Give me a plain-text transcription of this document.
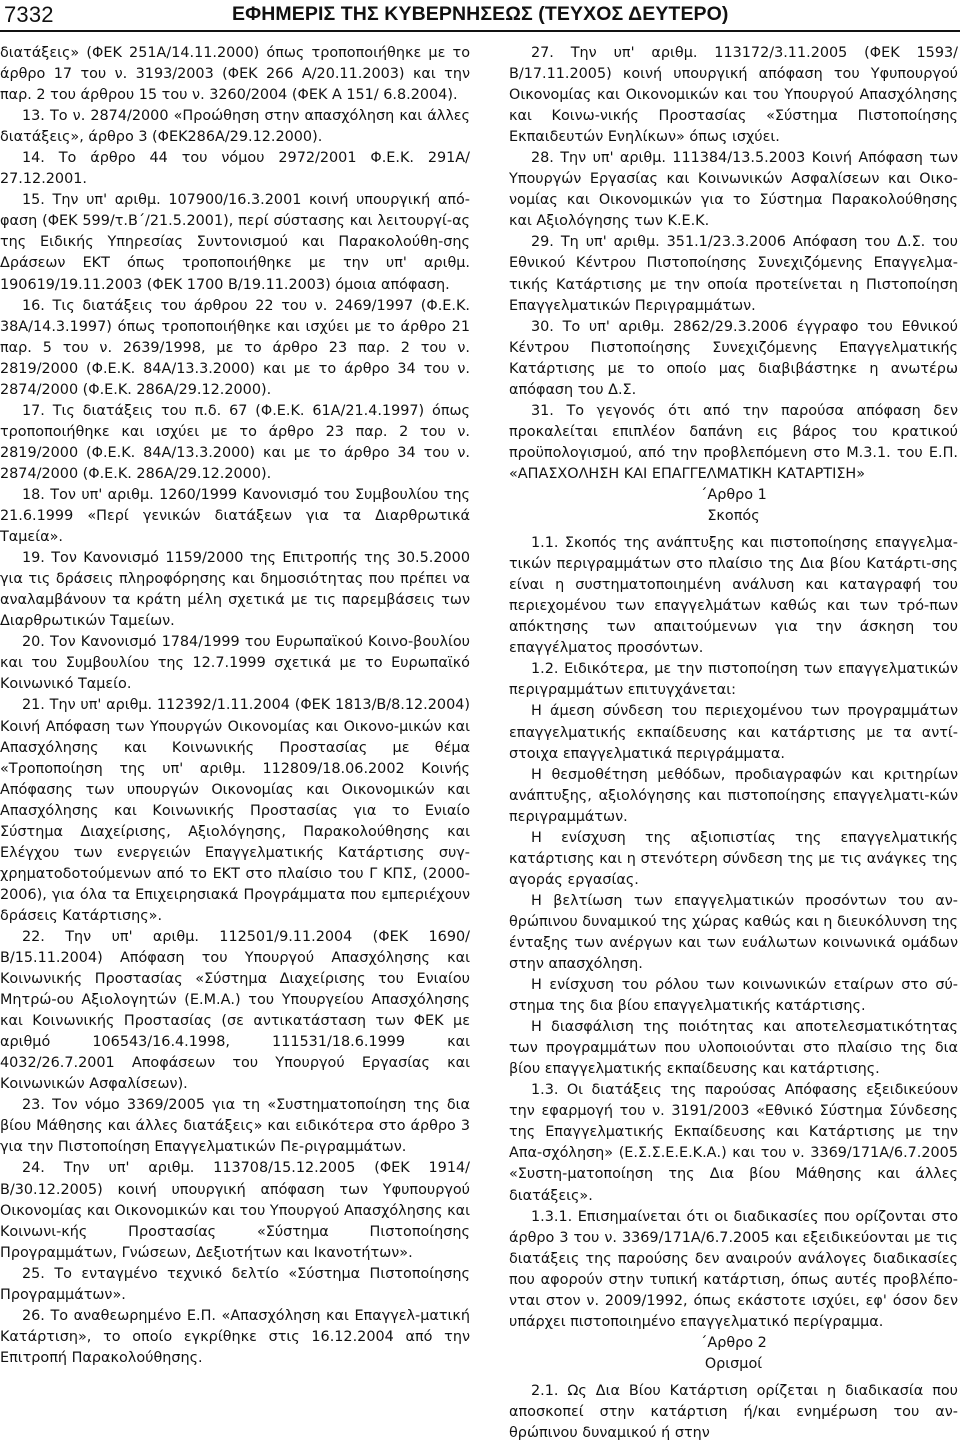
7332	ΕΦΗΜΕΡΙΣ ΤΗΣ ΚΥΒΕΡΝΗΣΕΩΣ (ΤΕΥΧΟΣ ΔΕΥΤΕΡΟ)

διατάξεις» (ΦΕΚ 251Α/14.11.2000) όπως τροποποιήθηκε με το άρθρο 17 του ν. 3193/2003 (ΦΕΚ 266 Α/20.11.2003) και την παρ. 2 του άρθρου 15 του ν. 3260/2004 (ΦΕΚ Α 151/ 6.8.2004).

13. Το ν. 2874/2000 «Προώθηση στην απασχόληση και άλλες διατάξεις», άρθρο 3 (ΦΕΚ286Α/29.12.2000).

14. Το άρθρο 44 του νόμου 2972/2001 Φ.Ε.Κ. 291Α/ 27.12.2001.

15. Την υπ' αριθμ. 107900/16.3.2001 κοινή υπουργική από-φαση (ΦΕΚ 599/τ.Β΄/21.5.2001), περί σύστασης και λειτουργί-ας της Ειδικής Υπηρεσίας Συντονισμού και Παρακολούθη-σης Δράσεων ΕΚΤ όπως τροποποιήθηκε με την υπ' αριθμ. 190619/19.11.2003 (ΦΕΚ 1700 Β/19.11.2003) όμοια απόφαση.

16. Τις διατάξεις του άρθρου 22 του ν. 2469/1997 (Φ.Ε.Κ. 38Α/14.3.1997) όπως τροποποιήθηκε και ισχύει με το άρθρο 21 παρ. 5 του ν. 2639/1998, με το άρθρο 23 παρ. 2 του ν. 2819/2000 (Φ.Ε.Κ. 84Α/13.3.2000) και με το άρθρο 34 του ν. 2874/2000 (Φ.Ε.Κ. 286Α/29.12.2000).

17. Τις διατάξεις του π.δ. 67 (Φ.Ε.Κ. 61Α/21.4.1997) όπως τροποποιήθηκε και ισχύει με το άρθρο 23 παρ. 2 του ν. 2819/2000 (Φ.Ε.Κ. 84Α/13.3.2000) και με το άρθρο 34 του ν. 2874/2000 (Φ.Ε.Κ. 286Α/29.12.2000).

18. Τον υπ' αριθμ. 1260/1999 Κανονισμό του Συμβουλίου της 21.6.1999 «Περί γενικών διατάξεων για τα Διαρθρωτικά Ταμεία».

19. Τον Κανονισμό 1159/2000 της Επιτροπής της 30.5.2000 για τις δράσεις πληροφόρησης και δημοσιότητας που πρέπει να αναλαμβάνουν τα κράτη μέλη σχετικά με τις παρεμβάσεις των Διαρθρωτικών Ταμείων.

20. Τον Κανονισμό 1784/1999 του Ευρωπαϊκού Κοινο-βουλίου και του Συμβουλίου της 12.7.1999 σχετικά με το Ευρωπαϊκό Κοινωνικό Ταμείο.

21. Την υπ' αριθμ. 112392/1.11.2004 (ΦΕΚ 1813/Β/8.12.2004) Κοινή Απόφαση των Υπουργών Οικονομίας και Οικονο-μικών και Απασχόλησης και Κοινωνικής Προστασίας με θέμα «Τροποποίηση της υπ' αριθμ. 112809/18.06.2002 Κοινής Απόφασης των υπουργών Οικονομίας και Οικονομικών και Απασχόλησης και Κοινωνικής Προστασίας για το Ενιαίο Σύστημα Διαχείρισης, Αξιολόγησης, Παρακολούθησης και Ελέγχου των ενεργειών Επαγγελματικής Κατάρτισης συγ-χρηματοδοτούμενων από το ΕΚΤ στο πλαίσιο του Γ ΚΠΣ, (2000-2006), για όλα τα Επιχειρησιακά Προγράμματα που εμπεριέχουν δράσεις Κατάρτισης».

22. Την υπ' αριθμ. 112501/9.11.2004 (ΦΕΚ 1690/Β/15.11.2004) Απόφαση του Υπουργού Απασχόλησης και Κοινωνικής Προστασίας «Σύστημα Διαχείρισης του Ενιαίου Μητρώ-ου Αξιολογητών (Ε.Μ.Α.) του Υπουργείου Απασχόλησης και Κοινωνικής Προστασίας (σε αντικατάσταση των ΦΕΚ με αριθμό 106543/16.4.1998, 111531/18.6.1999 και 4032/26.7.2001 Αποφάσεων του Υπουργού Εργασίας και Κοινωνικών Ασφαλίσεων).

23. Τον νόμο 3369/2005 για τη «Συστηματοποίηση της δια βίου Μάθησης και άλλες διατάξεις» και ειδικότερα στο άρθρο 3 για την Πιστοποίηση Επαγγελματικών Πε-ριγραμμάτων.

24. Την υπ' αριθμ. 113708/15.12.2005 (ΦΕΚ 1914/Β/30.12.2005) κοινή υπουργική απόφαση των Υφυπουργού Οικονομίας και Οικονομικών και του Υπουργού Απασχόλησης και Κοινωνι-κής Προστασίας «Σύστημα Πιστοποίησης Προγραμμάτων, Γνώσεων, Δεξιοτήτων και Ικανοτήτων».

25. Το ενταγμένο τεχνικό δελτίο «Σύστημα Πιστοποίησης Προγραμμάτων».

26. Το αναθεωρημένο Ε.Π. «Απασχόληση και Επαγγελ-ματική Κατάρτιση», το οποίο εγκρίθηκε στις 16.12.2004 από την Επιτροπή Παρακολούθησης.

27. Την υπ' αριθμ. 113172/3.11.2005 (ΦΕΚ 1593/Β/17.11.2005) κοινή υπουργική απόφαση του Υφυπουργού Οικονομίας και Οικονομικών και του Υπουργού Απασχόλησης και Κοινω-νικής Προστασίας «Σύστημα Πιστοποίησης Εκπαιδευτών Ενηλίκων» όπως ισχύει.

28. Την υπ' αριθμ. 111384/13.5.2003 Κοινή Απόφαση των Υπουργών Εργασίας και Κοινωνικών Ασφαλίσεων και Οικο-νομίας και Οικονομικών για το Σύστημα Παρακολούθησης και Αξιολόγησης των Κ.Ε.Κ.

29. Τη υπ' αριθμ. 351.1/23.3.2006 Απόφαση του Δ.Σ. του Εθνικού Κέντρου Πιστοποίησης Συνεχιζόμενης Επαγγελμα-τικής Κατάρτισης με την οποία προτείνεται η Πιστοποίηση Επαγγελματικών Περιγραμμάτων.

30. Το υπ' αριθμ. 2862/29.3.2006 έγγραφο του Εθνικού Κέντρου Πιστοποίησης Συνεχιζόμενης Επαγγελματικής Κατάρτισης με το οποίο μας διαβιβάστηκε η ανωτέρω απόφαση του Δ.Σ.

31. Το γεγονός ότι από την παρούσα απόφαση δεν προκαλείται επιπλέον δαπάνη εις βάρος του κρατικού προϋπολογισμού, από την προβλεπόμενη στο Μ.3.1. του Ε.Π. «ΑΠΑΣΧΟΛΗΣΗ ΚΑΙ ΕΠΑΓΓΕΛΜΑΤΙΚΗ ΚΑΤΑΡΤΙΣΗ»

΄Αρθρο 1

Σκοπός

1.1. Σκοπός της ανάπτυξης και πιστοποίησης επαγγελμα-τικών περιγραμμάτων στο πλαίσιο της Δια βίου Κατάρτι-σης είναι η συστηματοποιημένη ανάλυση και καταγραφή του περιεχομένου των επαγγελμάτων καθώς και των τρό-πων απόκτησης των απαιτούμενων για την άσκηση του επαγγέλματος προσόντων.

1.2. Ειδικότερα, με την πιστοποίηση των επαγγελματικών περιγραμμάτων επιτυγχάνεται:

Η άμεση σύνδεση του περιεχομένου των προγραμμάτων επαγγελματικής εκπαίδευσης και κατάρτισης με τα αντί-στοιχα επαγγελματικά περιγράμματα.

Η θεσμοθέτηση μεθόδων, προδιαγραφών και κριτηρίων ανάπτυξης, αξιολόγησης και πιστοποίησης επαγγελματι-κών περιγραμμάτων.

Η ενίσχυση της αξιοπιστίας της επαγγελματικής κατάρτισης και η στενότερη σύνδεση της με τις ανάγκες της αγοράς εργασίας.

Η βελτίωση των επαγγελματικών προσόντων του αν-θρώπινου δυναμικού της χώρας καθώς και η διευκόλυνση της ένταξης των ανέργων και των ευάλωτων κοινωνικά ομάδων στην απασχόληση.

Η ενίσχυση του ρόλου των κοινωνικών εταίρων στο σύ-στημα της δια βίου επαγγελματικής κατάρτισης.

Η διασφάλιση της ποιότητας και αποτελεσματικότητας των προγραμμάτων που υλοποιούνται στο πλαίσιο της δια βίου επαγγελματικής εκπαίδευσης και κατάρτισης.

1.3. Οι διατάξεις της παρούσας Απόφασης εξειδικεύουν την εφαρμογή του ν. 3191/2003 «Εθνικό Σύστημα Σύνδεσης της Επαγγελματικής Εκπαίδευσης και Κατάρτισης με την Απα-σχόληση» (Ε.Σ.Σ.Ε.Ε.Κ.Α.) και του ν. 3369/171Α/6.7.2005 «Συστη-ματοποίηση της Δια βίου Μάθησης και άλλες διατάξεις».

1.3.1. Επισημαίνεται ότι οι διαδικασίες που ορίζονται στο άρθρο 3 του ν. 3369/171Α/6.7.2005 και εξειδικεύονται με τις διατάξεις της παρούσης δεν αναιρούν ανάλογες διαδικασίες που αφορούν στην τυπική κατάρτιση, όπως αυτές προβλέπο-νται στον ν. 2009/1992, όπως εκάστοτε ισχύει, εφ' όσον δεν υπάρχει πιστοποιημένο επαγγελματικό περίγραμμα.

΄Αρθρο 2

Ορισμοί

2.1. Ως Δια Βίου Κατάρτιση ορίζεται η διαδικασία που αποσκοπεί στην κατάρτιση ή/και ενημέρωση του αν-θρώπινου δυναμικού ή στην
